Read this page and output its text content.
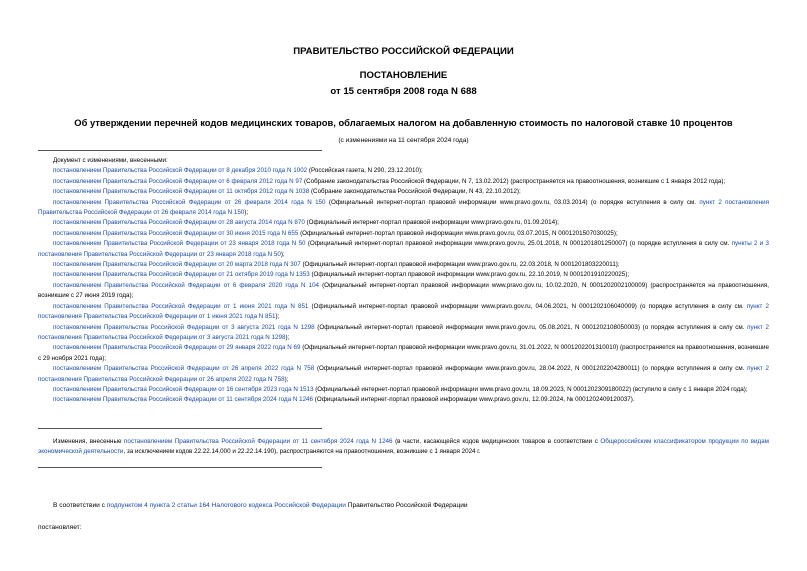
ПРАВИТЕЛЬСТВО РОССИЙСКОЙ ФЕДЕРАЦИИ
ПОСТАНОВЛЕНИЕ
от 15 сентября 2008 года N 688
Об утверждении перечней кодов медицинских товаров, облагаемых налогом на добавленную стоимость по налоговой ставке 10 процентов
(с изменениями на 11 сентября 2024 года)

Документ с изменениями, внесенными:

постановлением Правительства Российской Федерации от 8 декабря 2010 года N 1002 (Российская газета, N 290, 23.12.2010);

постановлением Правительства Российской Федерации от 6 февраля 2012 года N 97 (Собрание законодательства Российской Федерации, N 7, 13.02.2012) (распространяется на правоотношения, возникшие с 1 января 2012 года);

постановлением Правительства Российской Федерации от 11 октября 2012 года N 1038 (Собрание законодательства Российской Федерации, N 43, 22.10.2012);

постановлением Правительства Российской Федерации от 26 февраля 2014 года N 150 (Официальный интернет-портал правовой информации www.pravo.gov.ru, 03.03.2014) (о порядке вступления в силу см. пункт 2 постановления Правительства Российской Федерации от 26 февраля 2014 года N 150);

постановлением Правительства Российской Федерации от 28 августа 2014 года N 870 (Официальный интернет-портал правовой информации www.pravo.gov.ru, 01.09.2014);

постановлением Правительства Российской Федерации от 30 июня 2015 года N 655 (Официальный интернет-портал правовой информации www.pravo.gov.ru, 03.07.2015, N 0001201507030025);

постановлением Правительства Российской Федерации от 23 января 2018 года N 50 (Официальный интернет-портал правовой информации www.pravo.gov.ru, 25.01.2018, N 0001201801250007) (о порядке вступления в силу см. пункты 2 и 3 постановления Правительства Российской Федерации от 23 января 2018 года N 50);

постановлением Правительства Российской Федерации от 20 марта 2018 года N 307 (Официальный интернет-портал правовой информации www.pravo.gov.ru, 22.03.2018, N 0001201803220011);

постановлением Правительства Российской Федерации от 21 октября 2019 года N 1353 (Официальный интернет-портал правовой информации www.pravo.gov.ru, 22.10.2019, N 0001201910220025);

постановлением Правительства Российской Федерации от 6 февраля 2020 года N 104 (Официальный интернет-портал правовой информации www.pravo.gov.ru, 10.02.2020, N 0001202002100009) (распространяется на правоотношения, возникшие с 27 июня 2019 года);

постановлением Правительства Российской Федерации от 1 июня 2021 года N 851 (Официальный интернет-портал правовой информации www.pravo.gov.ru, 04.06.2021, N 0001202106040009) (о порядке вступления в силу см. пункт 2 постановления Правительства Российской Федерации от 1 июня 2021 года N 851);

постановлением Правительства Российской Федерации от 3 августа 2021 года N 1298 (Официальный интернет-портал правовой информации www.pravo.gov.ru, 05.08.2021, N 0001202108050003) (о порядке вступления в силу см. пункт 2 постановления Правительства Российской Федерации от 3 августа 2021 года N 1298);

постановлением Правительства Российской Федерации от 29 января 2022 года N 69 (Официальный интернет-портал правовой информации www.pravo.gov.ru, 31.01.2022, N 0001202201310010) (распространяется на правоотношения, возникшие с 29 ноября 2021 года);

постановлением Правительства Российской Федерации от 26 апреля 2022 года N 758 (Официальный интернет-портал правовой информации www.pravo.gov.ru, 28.04.2022, N 0001202204280011) (о порядке вступления в силу см. пункт 2 постановления Правительства Российской Федерации от 26 апреля 2022 года N 758);

постановлением Правительства Российской Федерации от 16 сентября 2023 года N 1513 (Официальный интернет-портал правовой информации www.pravo.gov.ru, 18.09.2023, N 0001202309180022) (вступило в силу с 1 января 2024 года);

постановлением Правительства Российской Федерации от 11 сентября 2024 года N 1246 (Официальный интернет-портал правовой информации www.pravo.gov.ru, 12.09.2024, № 0001202409120037).

Изменения, внесенные постановлением Правительства Российской Федерации от 11 сентября 2024 года N 1246 (в части, касающейся кодов медицинских товаров в соответствии с Общероссийским классификатором продукции по видам экономической деятельности, за исключением кодов 22.22.14.000 и 22.22.14.190), распространяются на правоотношения, возникшие с 1 января 2024 г.
В соответствии с подпунктом 4 пункта 2 статьи 164 Налогового кодекса Российской Федерации Правительство Российской Федерации
постановляет:
